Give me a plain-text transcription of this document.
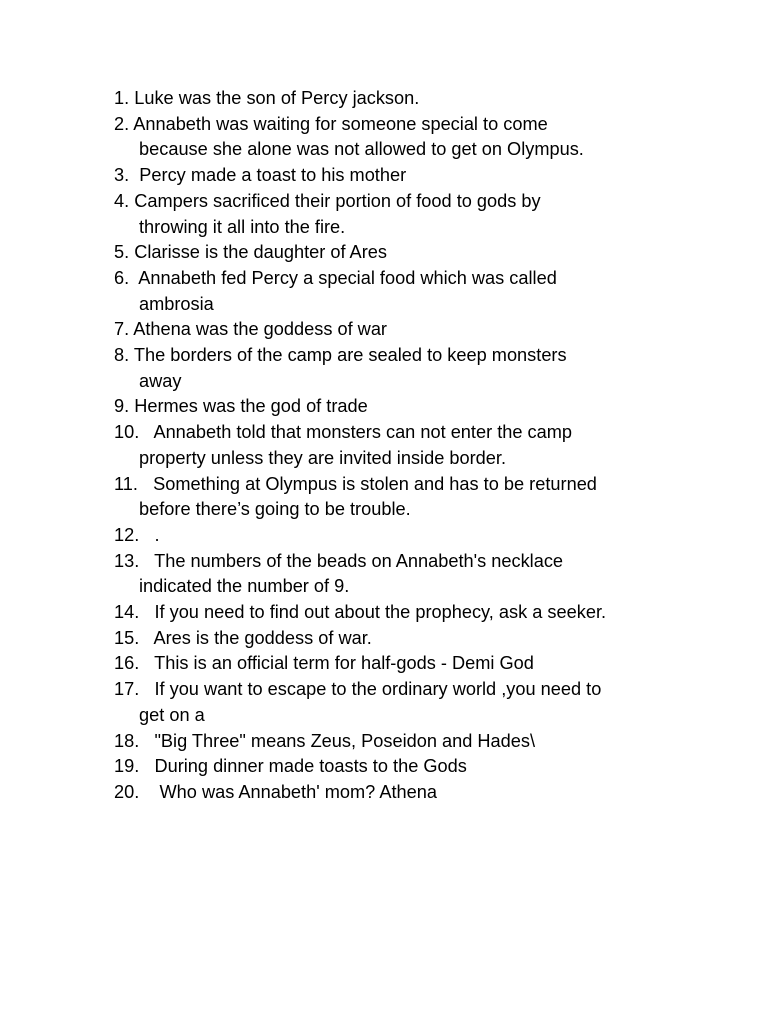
1. Luke was the son of Percy jackson.
2. Annabeth was waiting for someone special to come
because she alone was not allowed to get on Olympus.
3.  Percy made a toast to his mother
4. Campers sacrificed their portion of food to gods by
throwing it all into the fire.
5. Clarisse is the daughter of Ares
6.  Annabeth fed Percy a special food which was called
ambrosia
7. Athena was the goddess of war
8. The borders of the camp are sealed to keep monsters
away
9. Hermes was the god of trade
10.   Annabeth told that monsters can not enter the camp
property unless they are invited inside border.
11.   Something at Olympus is stolen and has to be returned
before there’s going to be trouble.
12.   .
13.   The numbers of the beads on Annabeth's necklace
indicated the number of 9.
14.   If you need to find out about the prophecy, ask a seeker.
15.   Ares is the goddess of war.
16.   This is an official term for half-gods - Demi God
17.   If you want to escape to the ordinary world ,you need to
get on a
18.   "Big Three" means Zeus, Poseidon and Hades\
19.   During dinner made toasts to the Gods
20.    Who was Annabeth' mom? Athena
